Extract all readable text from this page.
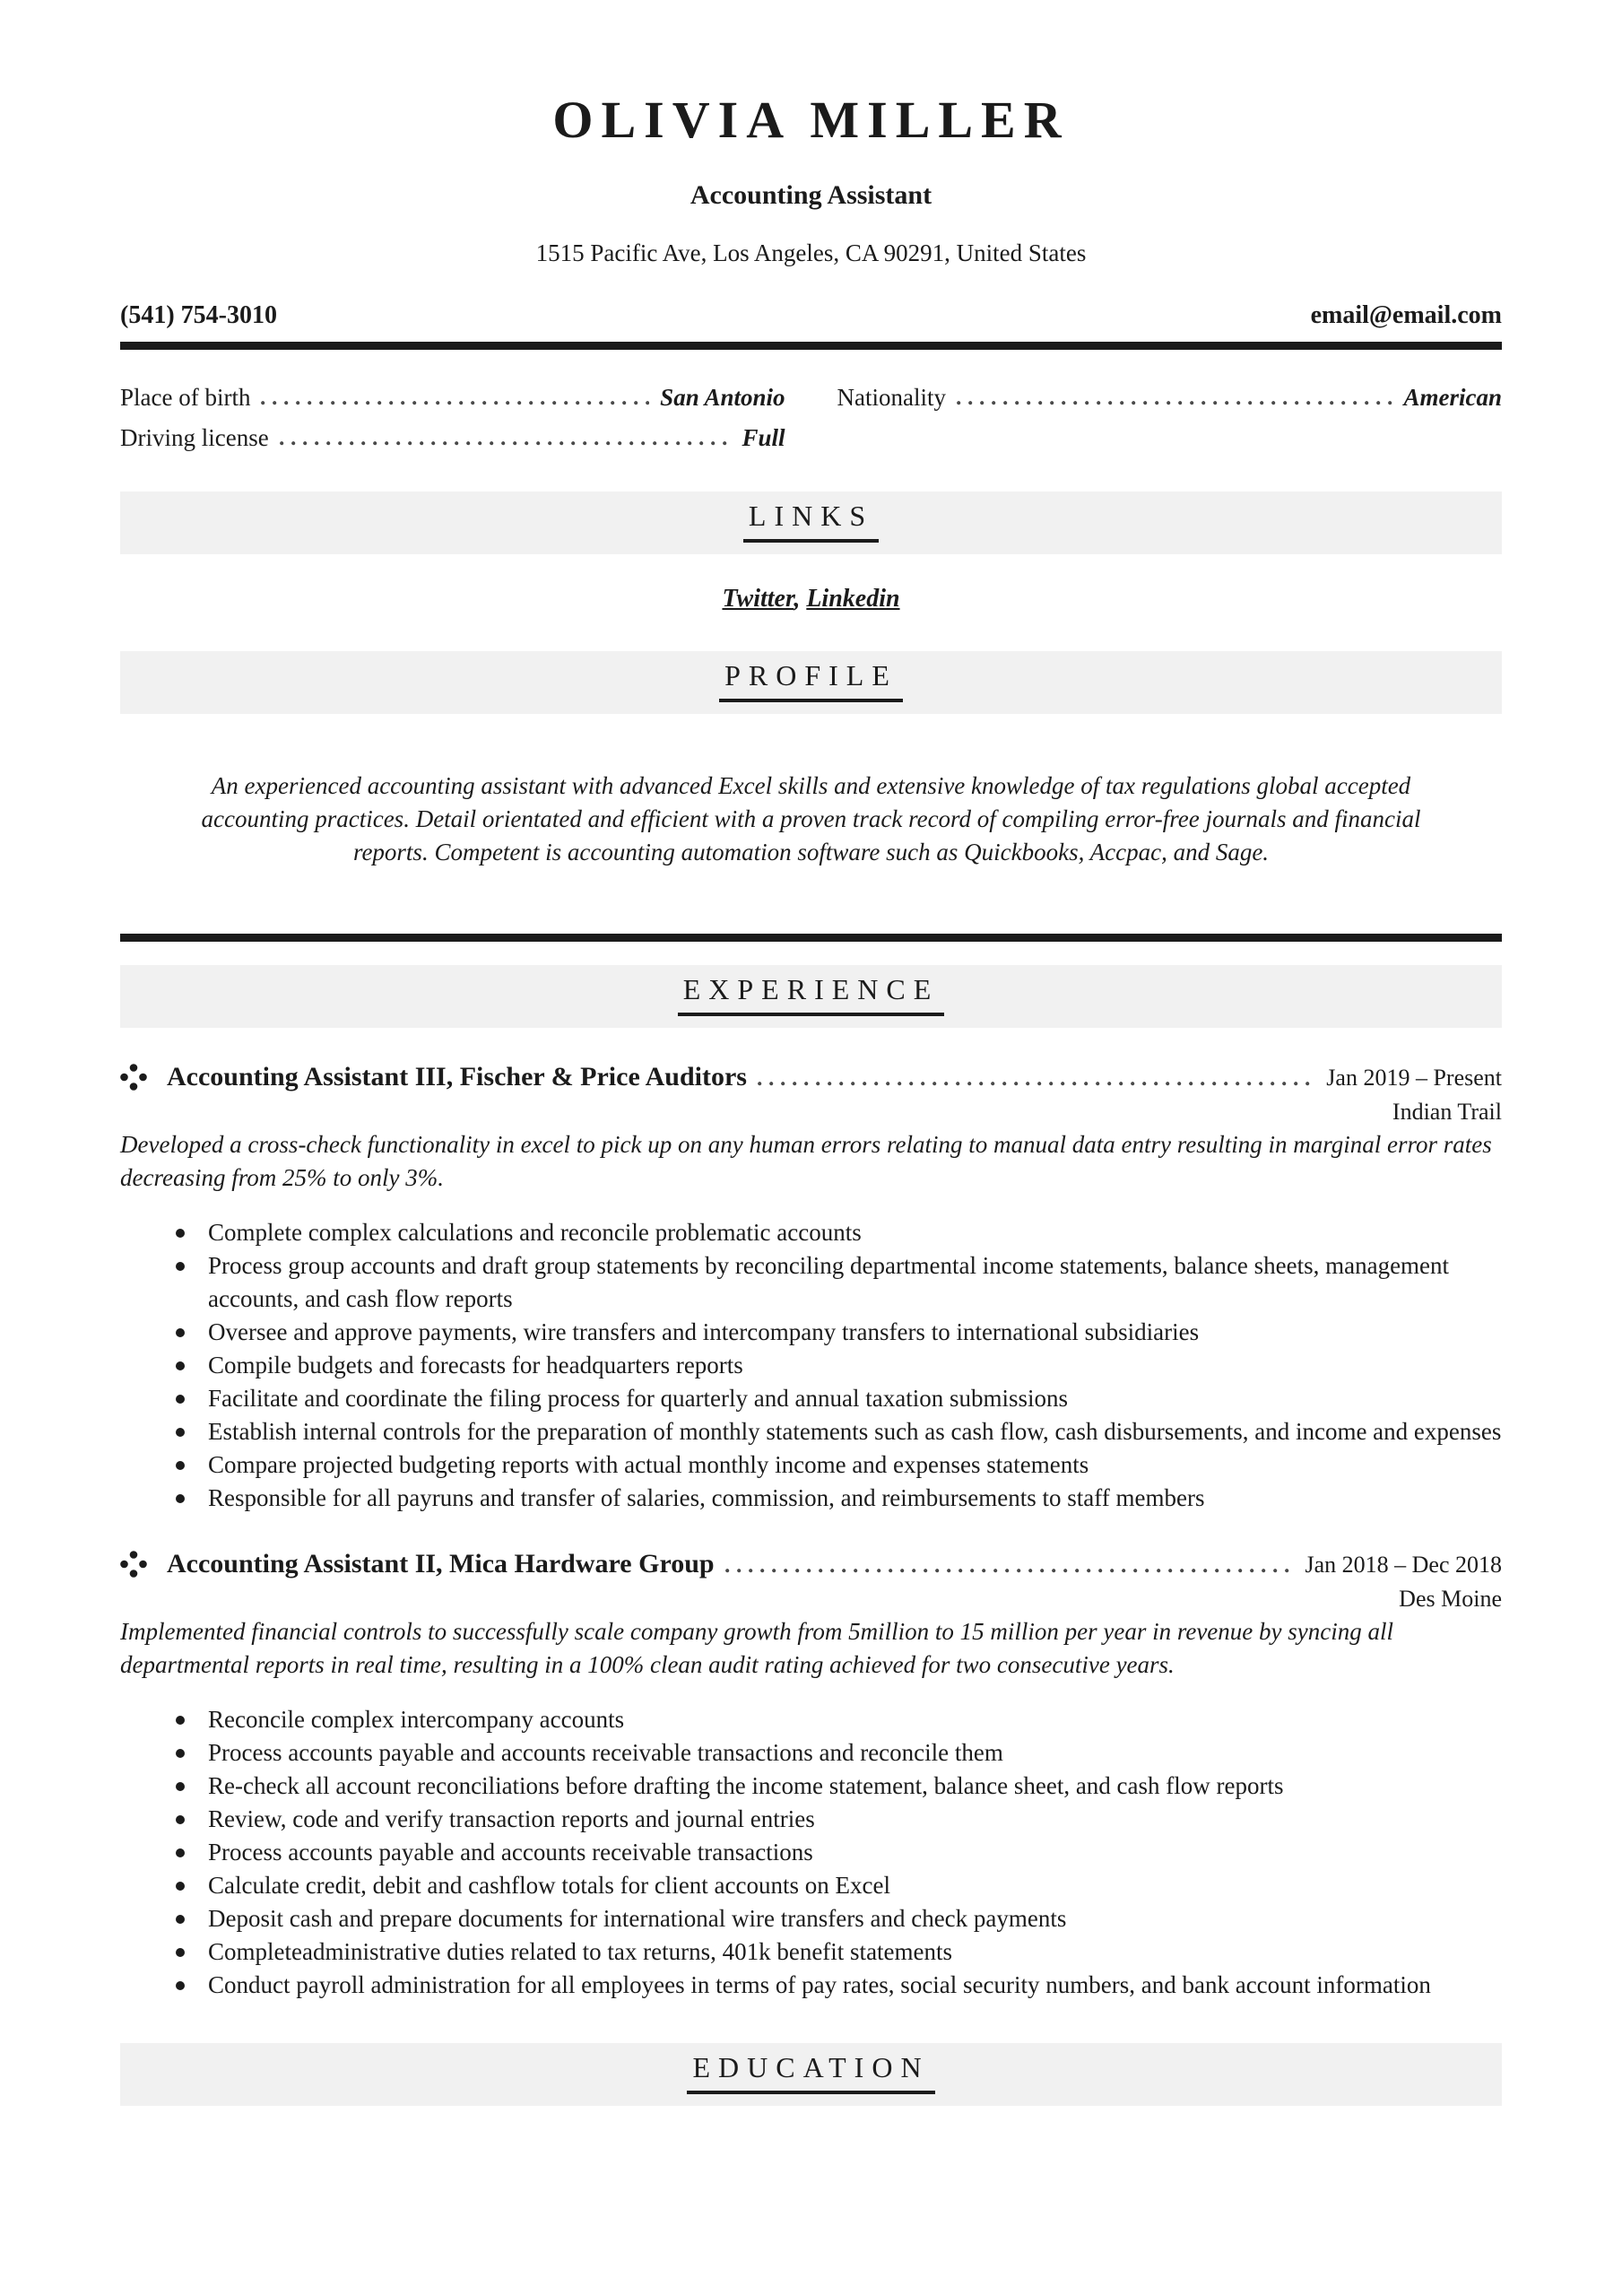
OLIVIA MILLER
Accounting Assistant
1515 Pacific Ave, Los Angeles, CA 90291, United States
(541) 754-3010	email@email.com
Place of birth	San Antonio Nationality	American
Driving license	Full
LINKS
Twitter, Linkedin
PROFILE

An experienced accounting assistant with advanced Excel skills and extensive knowledge of tax regulations global accepted accounting practices. Detail orientated and efficient with a proven track record of compiling error-free journals and financial reports. Competent is accounting automation software such as Quickbooks, Accpac, and Sage.

EXPERIENCE
Accounting Assistant III, Fischer & Price Auditors	Jan 2019 – Present
Indian Trail

Developed a cross-check functionality in excel to pick up on any human errors relating to manual data entry resulting in marginal error rates decreasing from 25% to only 3%.

Complete complex calculations and reconcile problematic accounts
Process group accounts and draft group statements by reconciling departmental income statements, balance sheets, management accounts, and cash flow reports
Oversee and approve payments, wire transfers and intercompany transfers to international subsidiaries
Compile budgets and forecasts for headquarters reports
Facilitate and coordinate the filing process for quarterly and annual taxation submissions
Establish internal controls for the preparation of monthly statements such as cash flow, cash disbursements, and income and expenses
Compare projected budgeting reports with actual monthly income and expenses statements
Responsible for all payruns and transfer of salaries, commission, and reimbursements to staff members
Accounting Assistant II, Mica Hardware Group	Jan 2018 – Dec 2018
Des Moine

Implemented financial controls to successfully scale company growth from 5million to 15 million per year in revenue by syncing all departmental reports in real time, resulting in a 100% clean audit rating achieved for two consecutive years.

Reconcile complex intercompany accounts
Process accounts payable and accounts receivable transactions and reconcile them
Re-check all account reconciliations before drafting the income statement, balance sheet, and cash flow reports
Review, code and verify transaction reports and journal entries
Process accounts payable and accounts receivable transactions
Calculate credit, debit and cashflow totals for client accounts on Excel
Deposit cash and prepare documents for international wire transfers and check payments
Completeadministrative duties related to tax returns, 401k benefit statements
Conduct payroll administration for all employees in terms of pay rates, social security numbers, and bank account information
EDUCATION
